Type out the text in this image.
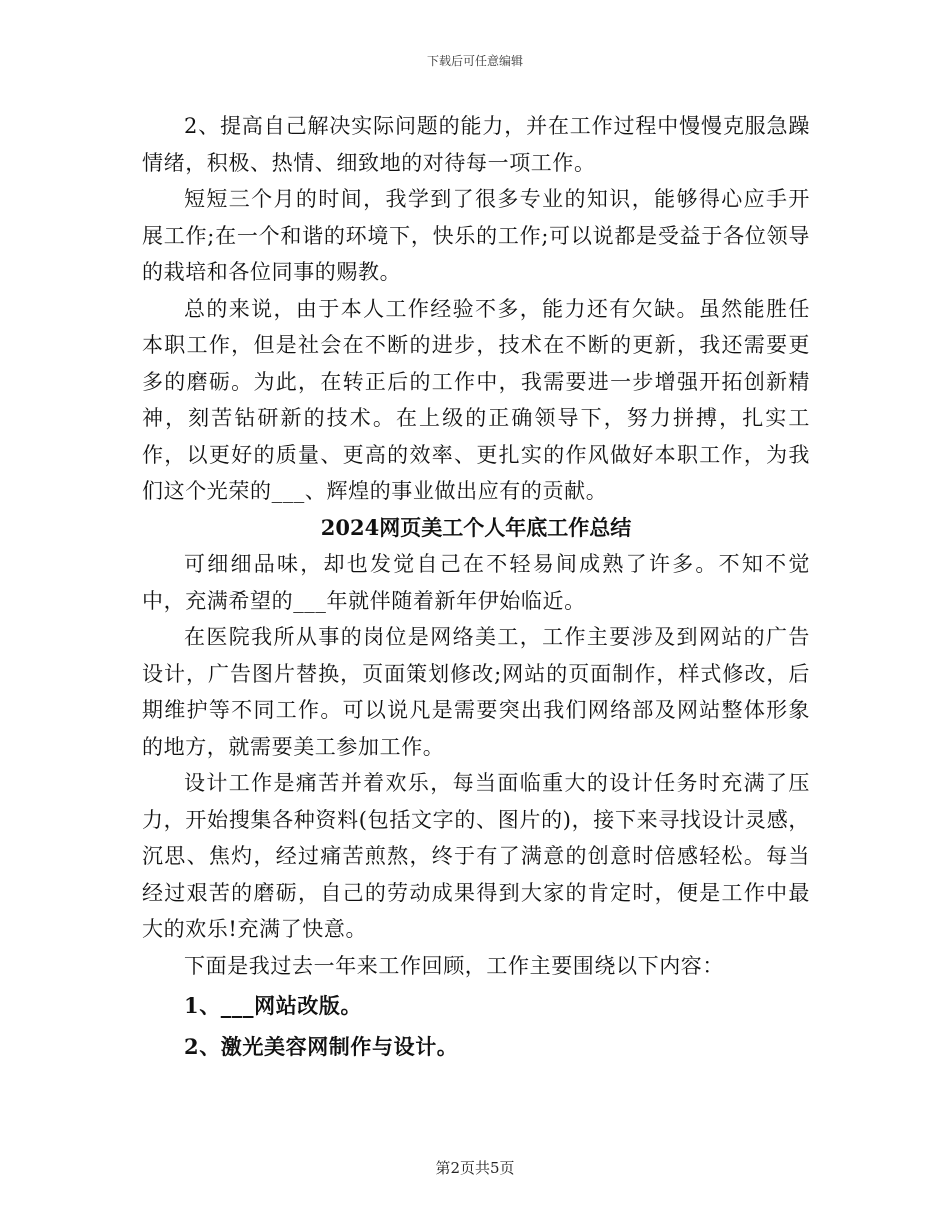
下载后可任意编辑

2、提高自己解决实际问题的能力，并在工作过程中慢慢克服急躁情绪，积极、热情、细致地的对待每一项工作。

短短三个月的时间，我学到了很多专业的知识，能够得心应手开展工作;在一个和谐的环境下，快乐的工作;可以说都是受益于各位领导的栽培和各位同事的赐教。

总的来说，由于本人工作经验不多，能力还有欠缺。虽然能胜任本职工作，但是社会在不断的进步，技术在不断的更新，我还需要更多的磨砺。为此，在转正后的工作中，我需要进一步增强开拓创新精神，刻苦钻研新的技术。在上级的正确领导下，努力拼搏，扎实工作，以更好的质量、更高的效率、更扎实的作风做好本职工作，为我们这个光荣的___、辉煌的事业做出应有的贡献。

2024网页美工个人年底工作总结

可细细品味，却也发觉自己在不轻易间成熟了许多。不知不觉中，充满希望的___年就伴随着新年伊始临近。

在医院我所从事的岗位是网络美工，工作主要涉及到网站的广告设计，广告图片替换，页面策划修改;网站的页面制作，样式修改，后期维护等不同工作。可以说凡是需要突出我们网络部及网站整体形象的地方，就需要美工参加工作。

设计工作是痛苦并着欢乐，每当面临重大的设计任务时充满了压力，开始搜集各种资料(包括文字的、图片的)，接下来寻找设计灵感，沉思、焦灼，经过痛苦煎熬，终于有了满意的创意时倍感轻松。每当经过艰苦的磨砺，自己的劳动成果得到大家的肯定时，便是工作中最大的欢乐!充满了快意。

下面是我过去一年来工作回顾，工作主要围绕以下内容：

1、___网站改版。

2、激光美容网制作与设计。

第2页共5页
